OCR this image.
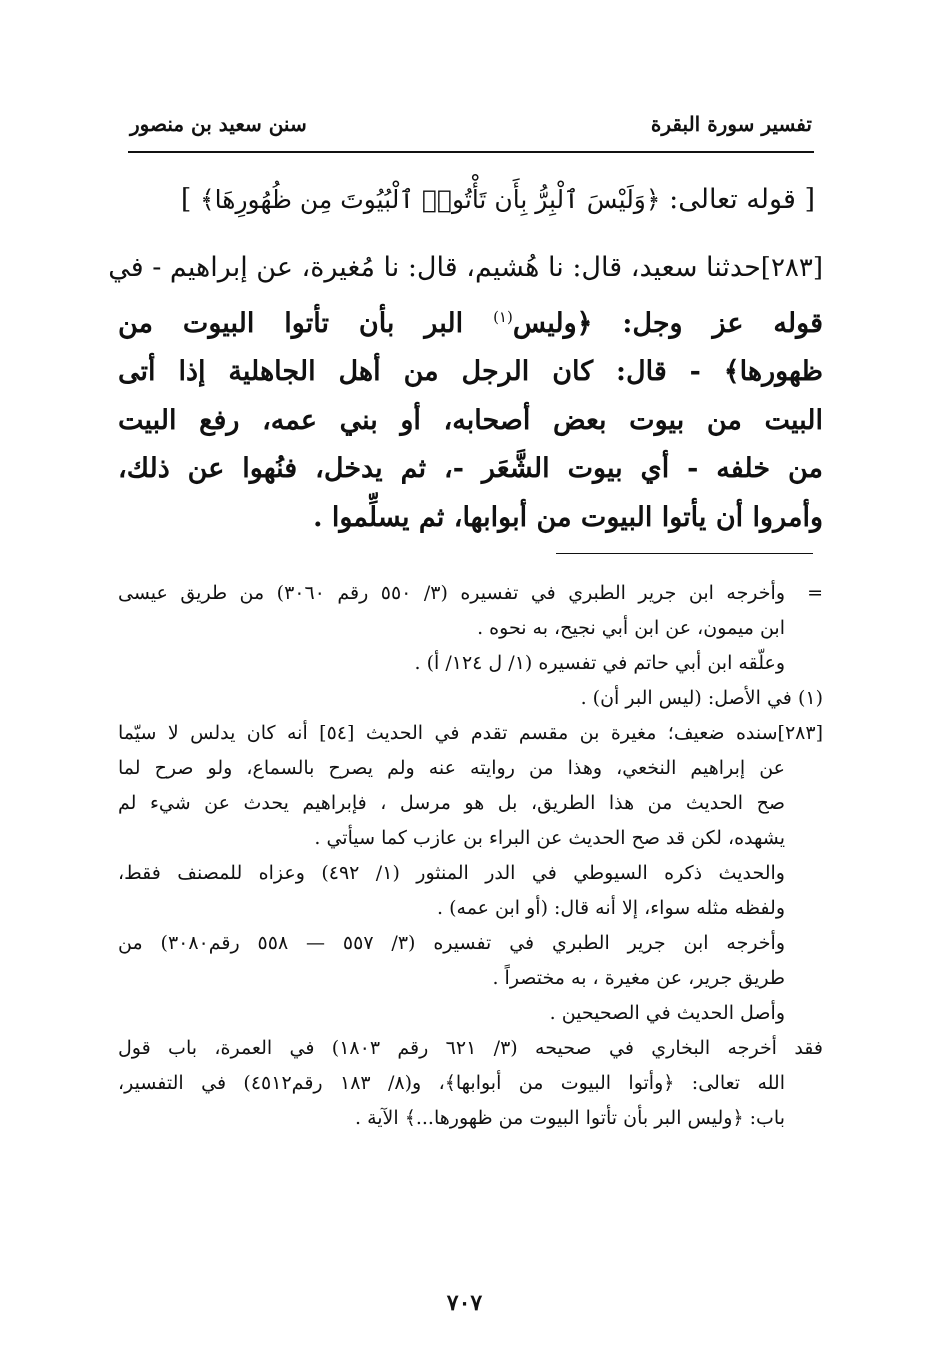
تفسير سورة البقرة
سنن سعيد بن منصور
[ قوله تعالى: ﴿وَلَيْسَ ٱلْبِرُّ بِأَن تَأْتُوا۟ ٱلْبُيُوتَ مِن ظُهُورِهَا﴾ ]
[٢٨٣]حدثنا سعيد، قال: نا هُشيم، قال: نا مُغيرة، عن إبراهيم - في
قوله عز وجل: ﴿وليس$^{(١)}$ البر بأن تأتوا البيوت من
ظهورها﴾ - قال: كان الرجل من أهل الجاهلية إذا أتى
البيت من بيوت بعض أصحابه، أو بني عمه، رفع البيت
من خلفه - أي بيوت الشَّعَر -، ثم يدخل، فنُهوا عن ذلك،
وأمروا أن يأتوا البيوت من أبوابها، ثم يسلِّموا .
=
وأخرجه ابن جرير الطبري في تفسيره (٣/ ٥٥٠ رقم ٣٠٦٠) من طريق عيسى
ابن ميمون، عن ابن أبي نجيح، به نحوه .
وعلّقه ابن أبي حاتم في تفسيره (١/ ل ١٢٤/ أ) .
(١) في الأصل: (ليس البر أن) .
[٢٨٣]سنده ضعيف؛ مغيرة بن مقسم تقدم في الحديث [٥٤] أنه كان يدلس لا سيّما
عن إبراهيم النخعي، وهذا من روايته عنه ولم يصرح بالسماع، ولو صرح لما
صح الحديث من هذا الطريق، بل هو مرسل ، فإبراهيم يحدث عن شيء لم
يشهده، لكن قد صح الحديث عن البراء بن عازب كما سيأتي .
والحديث ذكره السيوطي في الدر المنثور (١/ ٤٩٢) وعزاه للمصنف فقط،
ولفظه مثله سواء، إلا أنه قال: (أو ابن عمه) .
وأخرجه ابن جرير الطبري في تفسيره (٣/ ٥٥٧ — ٥٥٨ رقم٣٠٨٠) من
طريق جرير، عن مغيرة ، به مختصراً .
وأصل الحديث في الصحيحين .
فقد أخرجه البخاري في صحيحه (٣/ ٦٢١ رقم ١٨٠٣) في العمرة، باب قول
الله تعالى: ﴿وأتوا البيوت من أبوابها﴾، و(٨/ ١٨٣ رقم٤٥١٢) في التفسير،
باب: ﴿وليس البر بأن تأتوا البيوت من ظهورها...﴾ الآية .
٧٠٧
